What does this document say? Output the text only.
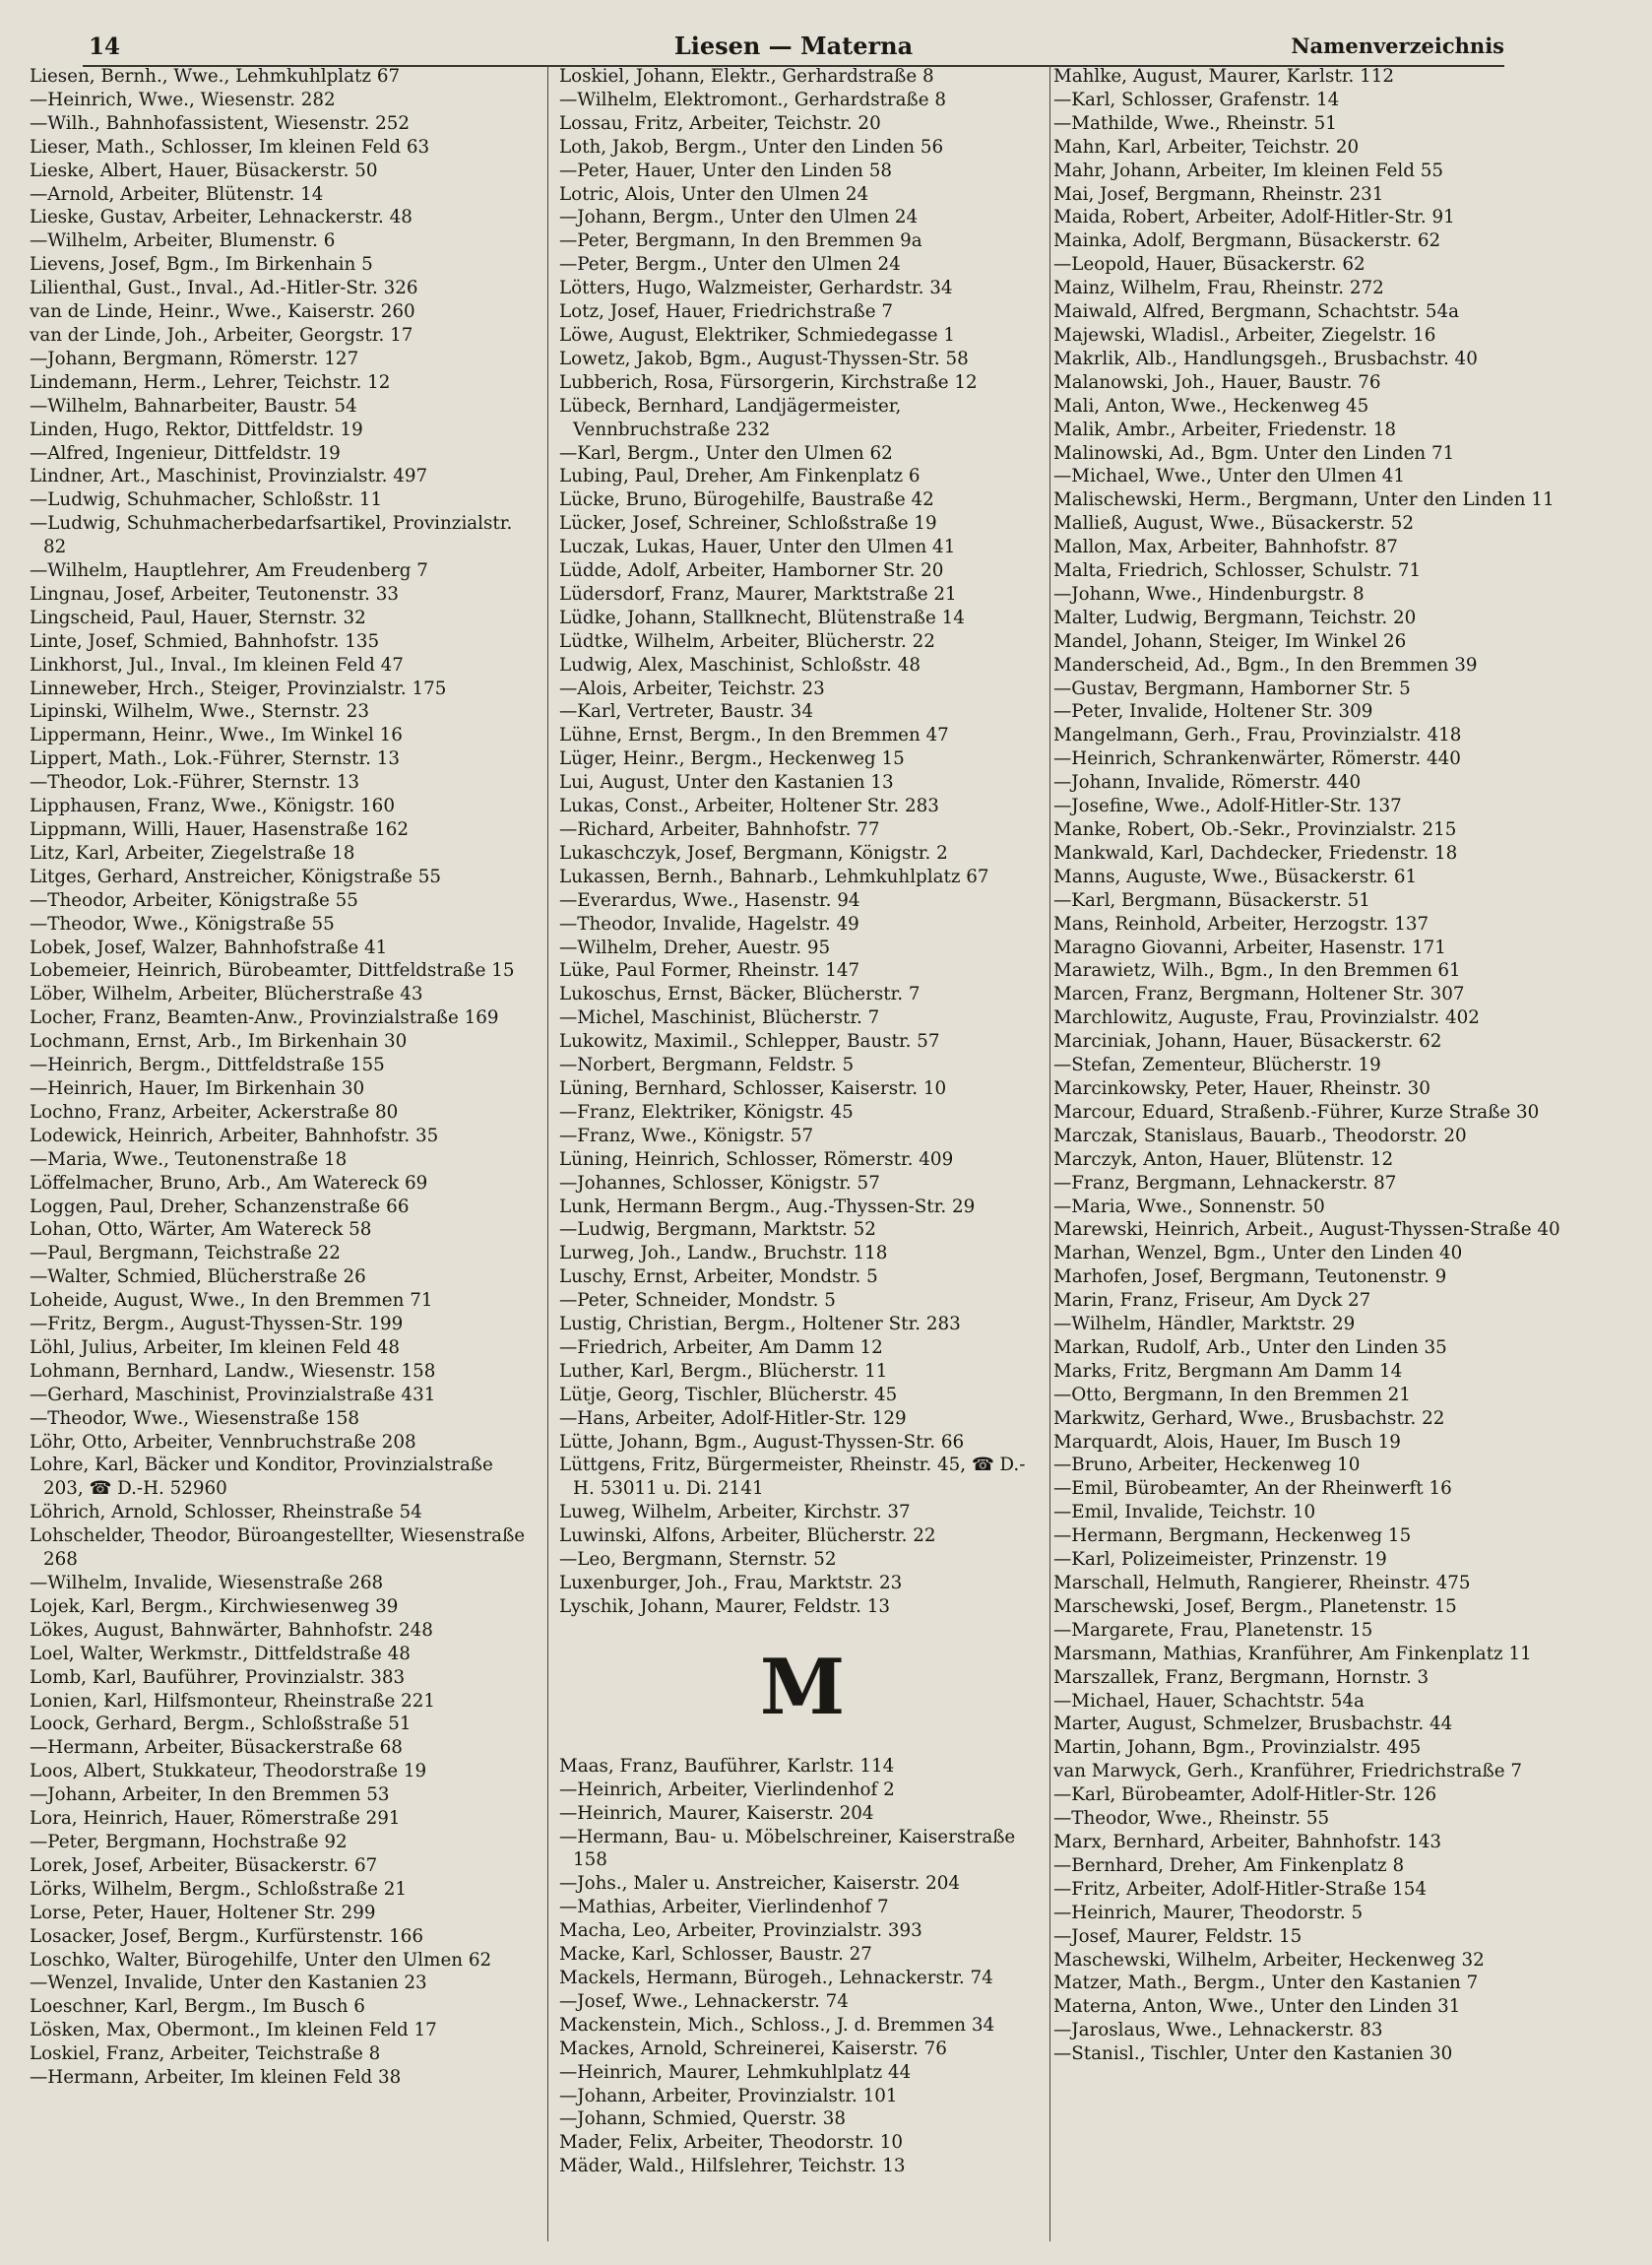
14	Liesen — Materna	Namenverzeichnis
Liesen, Bernh., Wwe., Lehmkuhlplatz 67
—Heinrich, Wwe., Wiesenstr. 282
—Wilh., Bahnhofassistent, Wiesenstr. 252
Lieser, Math., Schlosser, Im kleinen Feld 63
Lieske, Albert, Hauer, Büsackerstr. 50
—Arnold, Arbeiter, Blütenstr. 14
Lieske, Gustav, Arbeiter, Lehnackerstr. 48
—Wilhelm, Arbeiter, Blumenstr. 6
Lievens, Josef, Bgm., Im Birkenhain 5
Lilienthal, Gust., Inval., Ad.-Hitler-Str. 326
van de Linde, Heinr., Wwe., Kaiserstr. 260
van der Linde, Joh., Arbeiter, Georgstr. 17
—Johann, Bergmann, Römerstr. 127
Lindemann, Herm., Lehrer, Teichstr. 12
—Wilhelm, Bahnarbeiter, Baustr. 54
Linden, Hugo, Rektor, Dittfeldstr. 19
—Alfred, Ingenieur, Dittfeldstr. 19
Lindner, Art., Maschinist, Provinzialstr. 497
—Ludwig, Schuhmacher, Schloßstr. 11
—Ludwig, Schuhmacherbedarfsartikel, Provinzialstr. 82
—Wilhelm, Hauptlehrer, Am Freudenberg 7
Lingnau, Josef, Arbeiter, Teutonenstr. 33
Lingscheid, Paul, Hauer, Sternstr. 32
Linte, Josef, Schmied, Bahnhofstr. 135
Linkhorst, Jul., Inval., Im kleinen Feld 47
Linneweber, Hrch., Steiger, Provinzialstr. 175
Lipinski, Wilhelm, Wwe., Sternstr. 23
Lippermann, Heinr., Wwe., Im Winkel 16
Lippert, Math., Lok.-Führer, Sternstr. 13
—Theodor, Lok.-Führer, Sternstr. 13
Lipphausen, Franz, Wwe., Königstr. 160
Lippmann, Willi, Hauer, Hasenstraße 162
Litz, Karl, Arbeiter, Ziegelstraße 18
Litges, Gerhard, Anstreicher, Königstraße 55
—Theodor, Arbeiter, Königstraße 55
—Theodor, Wwe., Königstraße 55
Lobek, Josef, Walzer, Bahnhofstraße 41
Lobemeier, Heinrich, Bürobeamter, Dittfeldstraße 15
Löber, Wilhelm, Arbeiter, Blücherstraße 43
Locher, Franz, Beamten-Anw., Provinzialstraße 169
Lochmann, Ernst, Arb., Im Birkenhain 30
—Heinrich, Bergm., Dittfeldstraße 155
—Heinrich, Hauer, Im Birkenhain 30
Lochno, Franz, Arbeiter, Ackerstraße 80
Lodewick, Heinrich, Arbeiter, Bahnhofstr. 35
—Maria, Wwe., Teutonenstraße 18
Löffelmacher, Bruno, Arb., Am Watereck 69
Loggen, Paul, Dreher, Schanzenstraße 66
Lohan, Otto, Wärter, Am Watereck 58
—Paul, Bergmann, Teichstraße 22
—Walter, Schmied, Blücherstraße 26
Loheide, August, Wwe., In den Bremmen 71
—Fritz, Bergm., August-Thyssen-Str. 199
Löhl, Julius, Arbeiter, Im kleinen Feld 48
Lohmann, Bernhard, Landw., Wiesenstr. 158
—Gerhard, Maschinist, Provinzialstraße 431
—Theodor, Wwe., Wiesenstraße 158
Löhr, Otto, Arbeiter, Vennbruchstraße 208
Lohre, Karl, Bäcker und Konditor, Provinzialstraße 203, ☎ D.-H. 52960
Löhrich, Arnold, Schlosser, Rheinstraße 54
Lohschelder, Theodor, Büroangestellter, Wiesenstraße 268
—Wilhelm, Invalide, Wiesenstraße 268
Lojek, Karl, Bergm., Kirchwiesenweg 39
Lökes, August, Bahnwärter, Bahnhofstr. 248
Loel, Walter, Werkmstr., Dittfeldstraße 48
Lomb, Karl, Bauführer, Provinzialstr. 383
Lonien, Karl, Hilfsmonteur, Rheinstraße 221
Loock, Gerhard, Bergm., Schloßstraße 51
—Hermann, Arbeiter, Büsackerstraße 68
Loos, Albert, Stukkateur, Theodorstraße 19
—Johann, Arbeiter, In den Bremmen 53
Lora, Heinrich, Hauer, Römerstraße 291
—Peter, Bergmann, Hochstraße 92
Lorek, Josef, Arbeiter, Büsackerstr. 67
Lörks, Wilhelm, Bergm., Schloßstraße 21
Lorse, Peter, Hauer, Holtener Str. 299
Losacker, Josef, Bergm., Kurfürstenstr. 166
Loschko, Walter, Bürogehilfe, Unter den Ulmen 62
—Wenzel, Invalide, Unter den Kastanien 23
Loeschner, Karl, Bergm., Im Busch 6
Lösken, Max, Obermont., Im kleinen Feld 17
Loskiel, Franz, Arbeiter, Teichstraße 8
—Hermann, Arbeiter, Im kleinen Feld 38
Loskiel, Johann, Elektr., Gerhardstraße 8
—Wilhelm, Elektromont., Gerhardstraße 8
Lossau, Fritz, Arbeiter, Teichstr. 20
Loth, Jakob, Bergm., Unter den Linden 56
—Peter, Hauer, Unter den Linden 58
Lotric, Alois, Unter den Ulmen 24
—Johann, Bergm., Unter den Ulmen 24
—Peter, Bergmann, In den Bremmen 9a
—Peter, Bergm., Unter den Ulmen 24
Lötters, Hugo, Walzmeister, Gerhardstr. 34
Lotz, Josef, Hauer, Friedrichstraße 7
Löwe, August, Elektriker, Schmiedegasse 1
Lowetz, Jakob, Bgm., August-Thyssen-Str. 58
Lubberich, Rosa, Fürsorgerin, Kirchstraße 12
Lübeck, Bernhard, Landjägermeister, Vennbruchstraße 232
—Karl, Bergm., Unter den Ulmen 62
Lubing, Paul, Dreher, Am Finkenplatz 6
Lücke, Bruno, Bürogehilfe, Baustraße 42
Lücker, Josef, Schreiner, Schloßstraße 19
Luczak, Lukas, Hauer, Unter den Ulmen 41
Lüdde, Adolf, Arbeiter, Hamborner Str. 20
Lüdersdorf, Franz, Maurer, Marktstraße 21
Lüdke, Johann, Stallknecht, Blütenstraße 14
Lüdtke, Wilhelm, Arbeiter, Blücherstr. 22
Ludwig, Alex, Maschinist, Schloßstr. 48
—Alois, Arbeiter, Teichstr. 23
—Karl, Vertreter, Baustr. 34
Lühne, Ernst, Bergm., In den Bremmen 47
Lüger, Heinr., Bergm., Heckenweg 15
Lui, August, Unter den Kastanien 13
Lukas, Const., Arbeiter, Holtener Str. 283
—Richard, Arbeiter, Bahnhofstr. 77
Lukaschczyk, Josef, Bergmann, Königstr. 2
Lukassen, Bernh., Bahnarb., Lehmkuhlplatz 67
—Everardus, Wwe., Hasenstr. 94
—Theodor, Invalide, Hagelstr. 49
—Wilhelm, Dreher, Auestr. 95
Lüke, Paul Former, Rheinstr. 147
Lukoschus, Ernst, Bäcker, Blücherstr. 7
—Michel, Maschinist, Blücherstr. 7
Lukowitz, Maximil., Schlepper, Baustr. 57
—Norbert, Bergmann, Feldstr. 5
Lüning, Bernhard, Schlosser, Kaiserstr. 10
—Franz, Elektriker, Königstr. 45
—Franz, Wwe., Königstr. 57
Lüning, Heinrich, Schlosser, Römerstr. 409
—Johannes, Schlosser, Königstr. 57
Lunk, Hermann Bergm., Aug.-Thyssen-Str. 29
—Ludwig, Bergmann, Marktstr. 52
Lurweg, Joh., Landw., Bruchstr. 118
Luschy, Ernst, Arbeiter, Mondstr. 5
—Peter, Schneider, Mondstr. 5
Lustig, Christian, Bergm., Holtener Str. 283
—Friedrich, Arbeiter, Am Damm 12
Luther, Karl, Bergm., Blücherstr. 11
Lütje, Georg, Tischler, Blücherstr. 45
—Hans, Arbeiter, Adolf-Hitler-Str. 129
Lütte, Johann, Bgm., August-Thyssen-Str. 66
Lüttgens, Fritz, Bürgermeister, Rheinstr. 45, ☎ D.-H. 53011 u. Di. 2141
Luweg, Wilhelm, Arbeiter, Kirchstr. 37
Luwinski, Alfons, Arbeiter, Blücherstr. 22
—Leo, Bergmann, Sternstr. 52
Luxenburger, Joh., Frau, Marktstr. 23
Lyschik, Johann, Maurer, Feldstr. 13
M
Maas, Franz, Bauführer, Karlstr. 114
—Heinrich, Arbeiter, Vierlindenhof 2
—Heinrich, Maurer, Kaiserstr. 204
—Hermann, Bau- u. Möbelschreiner, Kaiserstraße 158
—Johs., Maler u. Anstreicher, Kaiserstr. 204
—Mathias, Arbeiter, Vierlindenhof 7
Macha, Leo, Arbeiter, Provinzialstr. 393
Macke, Karl, Schlosser, Baustr. 27
Mackels, Hermann, Bürogeh., Lehnackerstr. 74
—Josef, Wwe., Lehnackerstr. 74
Mackenstein, Mich., Schloss., J. d. Bremmen 34
Mackes, Arnold, Schreinerei, Kaiserstr. 76
—Heinrich, Maurer, Lehmkuhlplatz 44
—Johann, Arbeiter, Provinzialstr. 101
—Johann, Schmied, Querstr. 38
Mader, Felix, Arbeiter, Theodorstr. 10
Mäder, Wald., Hilfslehrer, Teichstr. 13
Mahlke, August, Maurer, Karlstr. 112
—Karl, Schlosser, Grafenstr. 14
—Mathilde, Wwe., Rheinstr. 51
Mahn, Karl, Arbeiter, Teichstr. 20
Mahr, Johann, Arbeiter, Im kleinen Feld 55
Mai, Josef, Bergmann, Rheinstr. 231
Maida, Robert, Arbeiter, Adolf-Hitler-Str. 91
Mainka, Adolf, Bergmann, Büsackerstr. 62
—Leopold, Hauer, Büsackerstr. 62
Mainz, Wilhelm, Frau, Rheinstr. 272
Maiwald, Alfred, Bergmann, Schachtstr. 54a
Majewski, Wladisl., Arbeiter, Ziegelstr. 16
Makrlik, Alb., Handlungsgeh., Brusbachstr. 40
Malanowski, Joh., Hauer, Baustr. 76
Mali, Anton, Wwe., Heckenweg 45
Malik, Ambr., Arbeiter, Friedenstr. 18
Malinowski, Ad., Bgm. Unter den Linden 71
—Michael, Wwe., Unter den Ulmen 41
Malischewski, Herm., Bergmann, Unter den Linden 11
Malließ, August, Wwe., Büsackerstr. 52
Mallon, Max, Arbeiter, Bahnhofstr. 87
Malta, Friedrich, Schlosser, Schulstr. 71
—Johann, Wwe., Hindenburgstr. 8
Malter, Ludwig, Bergmann, Teichstr. 20
Mandel, Johann, Steiger, Im Winkel 26
Manderscheid, Ad., Bgm., In den Bremmen 39
—Gustav, Bergmann, Hamborner Str. 5
—Peter, Invalide, Holtener Str. 309
Mangelmann, Gerh., Frau, Provinzialstr. 418
—Heinrich, Schrankenwärter, Römerstr. 440
—Johann, Invalide, Römerstr. 440
—Josefine, Wwe., Adolf-Hitler-Str. 137
Manke, Robert, Ob.-Sekr., Provinzialstr. 215
Mankwald, Karl, Dachdecker, Friedenstr. 18
Manns, Auguste, Wwe., Büsackerstr. 61
—Karl, Bergmann, Büsackerstr. 51
Mans, Reinhold, Arbeiter, Herzogstr. 137
Maragno Giovanni, Arbeiter, Hasenstr. 171
Marawietz, Wilh., Bgm., In den Bremmen 61
Marcen, Franz, Bergmann, Holtener Str. 307
Marchlowitz, Auguste, Frau, Provinzialstr. 402
Marciniak, Johann, Hauer, Büsackerstr. 62
—Stefan, Zementeur, Blücherstr. 19
Marcinkowsky, Peter, Hauer, Rheinstr. 30
Marcour, Eduard, Straßenb.-Führer, Kurze Straße 30
Marczak, Stanislaus, Bauarb., Theodorstr. 20
Marczyk, Anton, Hauer, Blütenstr. 12
—Franz, Bergmann, Lehnackerstr. 87
—Maria, Wwe., Sonnenstr. 50
Marewski, Heinrich, Arbeit., August-Thyssen-Straße 40
Marhan, Wenzel, Bgm., Unter den Linden 40
Marhofen, Josef, Bergmann, Teutonenstr. 9
Marin, Franz, Friseur, Am Dyck 27
—Wilhelm, Händler, Marktstr. 29
Markan, Rudolf, Arb., Unter den Linden 35
Marks, Fritz, Bergmann Am Damm 14
—Otto, Bergmann, In den Bremmen 21
Markwitz, Gerhard, Wwe., Brusbachstr. 22
Marquardt, Alois, Hauer, Im Busch 19
—Bruno, Arbeiter, Heckenweg 10
—Emil, Bürobeamter, An der Rheinwerft 16
—Emil, Invalide, Teichstr. 10
—Hermann, Bergmann, Heckenweg 15
—Karl, Polizeimeister, Prinzenstr. 19
Marschall, Helmuth, Rangierer, Rheinstr. 475
Marschewski, Josef, Bergm., Planetenstr. 15
—Margarete, Frau, Planetenstr. 15
Marsmann, Mathias, Kranführer, Am Finkenplatz 11
Marszallek, Franz, Bergmann, Hornstr. 3
—Michael, Hauer, Schachtstr. 54a
Marter, August, Schmelzer, Brusbachstr. 44
Martin, Johann, Bgm., Provinzialstr. 495
van Marwyck, Gerh., Kranführer, Friedrichstraße 7
—Karl, Bürobeamter, Adolf-Hitler-Str. 126
—Theodor, Wwe., Rheinstr. 55
Marx, Bernhard, Arbeiter, Bahnhofstr. 143
—Bernhard, Dreher, Am Finkenplatz 8
—Fritz, Arbeiter, Adolf-Hitler-Straße 154
—Heinrich, Maurer, Theodorstr. 5
—Josef, Maurer, Feldstr. 15
Maschewski, Wilhelm, Arbeiter, Heckenweg 32
Matzer, Math., Bergm., Unter den Kastanien 7
Materna, Anton, Wwe., Unter den Linden 31
—Jaroslaus, Wwe., Lehnackerstr. 83
—Stanisl., Tischler, Unter den Kastanien 30
